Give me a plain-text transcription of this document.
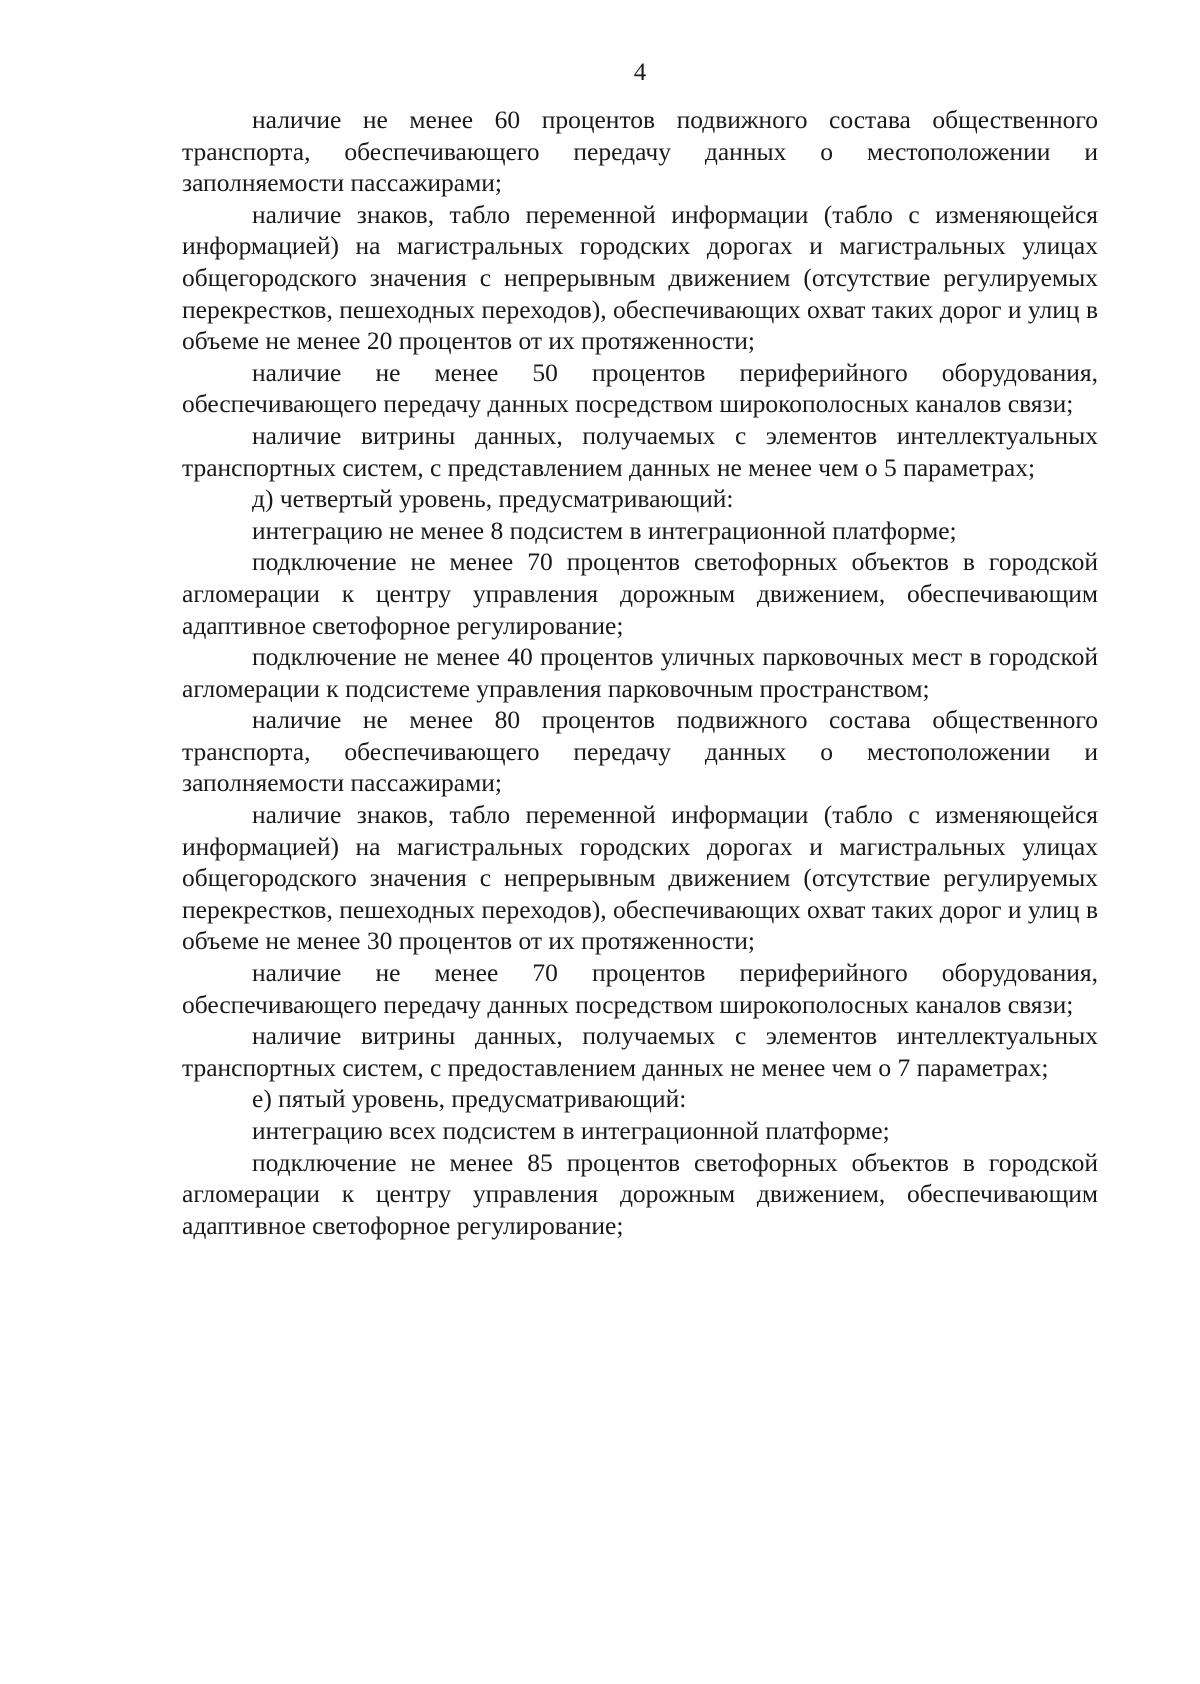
4

наличие не менее 60 процентов подвижного состава общественного транспорта, обеспечивающего передачу данных о местоположении и заполняемости пассажирами;

наличие знаков, табло переменной информации (табло с изменяющейся информацией) на магистральных городских дорогах и магистральных улицах общегородского значения с непрерывным движением (отсутствие регулируемых перекрестков, пешеходных переходов), обеспечивающих охват таких дорог и улиц в объеме не менее 20 процентов от их протяженности;

наличие не менее 50 процентов периферийного оборудования, обеспечивающего передачу данных посредством широкополосных каналов связи;

наличие витрины данных, получаемых с элементов интеллектуальных транспортных систем, с представлением данных не менее чем о 5 параметрах;

д) четвертый уровень, предусматривающий:

интеграцию не менее 8 подсистем в интеграционной платформе;

подключение не менее 70 процентов светофорных объектов в городской агломерации к центру управления дорожным движением, обеспечивающим адаптивное светофорное регулирование;

подключение не менее 40 процентов уличных парковочных мест в городской агломерации к подсистеме управления парковочным пространством;

наличие не менее 80 процентов подвижного состава общественного транспорта, обеспечивающего передачу данных о местоположении и заполняемости пассажирами;

наличие знаков, табло переменной информации (табло с изменяющейся информацией) на магистральных городских дорогах и магистральных улицах общегородского значения с непрерывным движением (отсутствие регулируемых перекрестков, пешеходных переходов), обеспечивающих охват таких дорог и улиц в объеме не менее 30 процентов от их протяженности;

наличие не менее 70 процентов периферийного оборудования, обеспечивающего передачу данных посредством широкополосных каналов связи;

наличие витрины данных, получаемых с элементов интеллектуальных транспортных систем, с предоставлением данных не менее чем о 7 параметрах;

е) пятый уровень, предусматривающий:

интеграцию всех подсистем в интеграционной платформе;

подключение не менее 85 процентов светофорных объектов в городской агломерации к центру управления дорожным движением, обеспечивающим адаптивное светофорное регулирование;
